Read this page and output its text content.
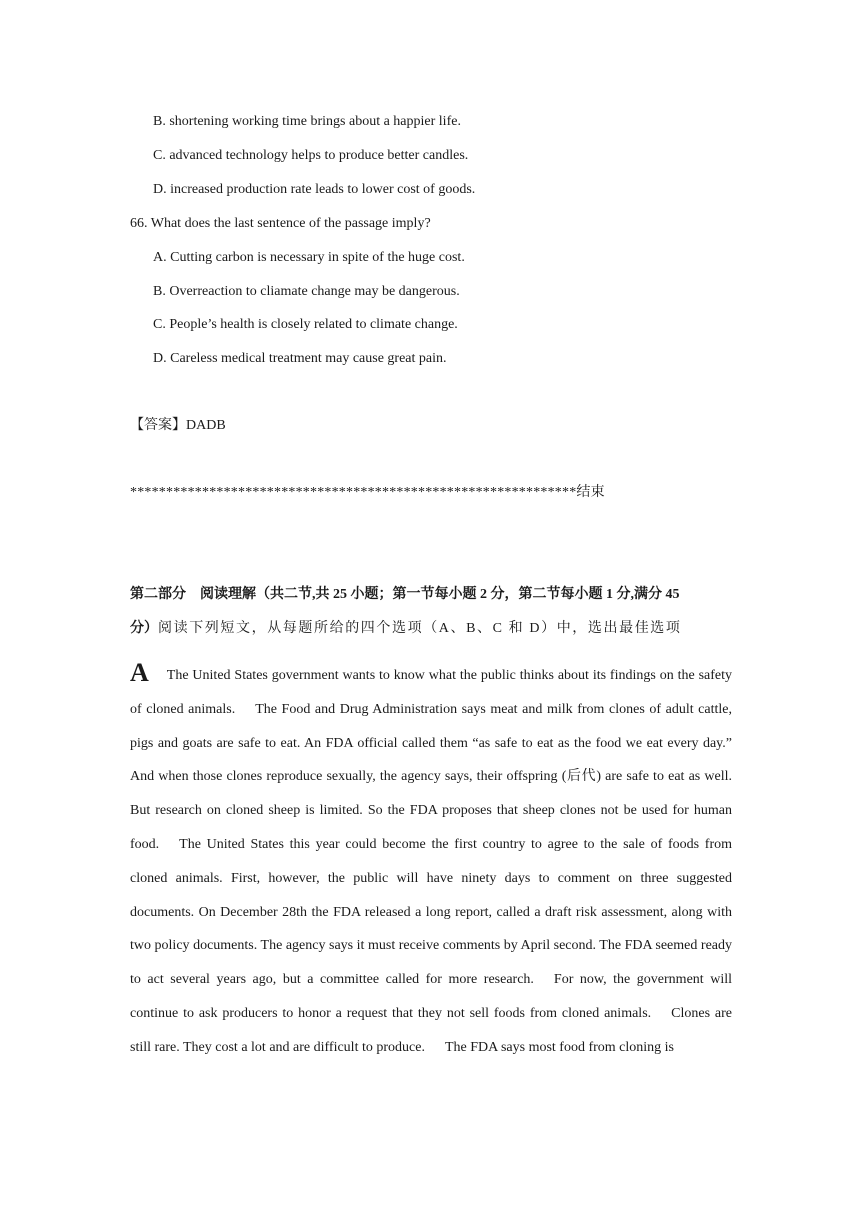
B. shortening working time brings about a happier life.
C. advanced technology helps to produce better candles.
D. increased production rate leads to lower cost of goods.
66. What does the last sentence of the passage imply?
A. Cutting carbon is necessary in spite of the huge cost.
B. Overreaction to cliamate change may be dangerous.
C. People’s health is closely related to climate change.
D. Careless medical treatment may cause great pain.
【答案】DADB
**************************************************************结束
第二部分　阅读理解（共二节,共 25 小题；第一节每小题 2 分，第二节每小题 1 分,满分 45
分）阅读下列短文，从每题所给的四个选项（A、B、C 和 D）中，选出最佳选项
A The United States government wants to know what the public thinks about its findings on the safety of cloned animals. The Food and Drug Administration says meat and milk from clones of adult cattle, pigs and goats are safe to eat. An FDA official called them “as safe to eat as the food we eat every day.” And when those clones reproduce sexually, the agency says, their offspring (后代) are safe to eat as well. But research on cloned sheep is limited. So the FDA proposes that sheep clones not be used for human food. The United States this year could become the first country to agree to the sale of foods from cloned animals. First, however, the public will have ninety days to comment on three suggested documents. On December 28th the FDA released a long report, called a draft risk assessment, along with two policy documents. The agency says it must receive comments by April second. The FDA seemed ready to act several years ago, but a committee called for more research. For now, the government will continue to ask producers to honor a request that they not sell foods from cloned animals. Clones are still rare. They cost a lot and are difficult to produce. The FDA says most food from cloning is
